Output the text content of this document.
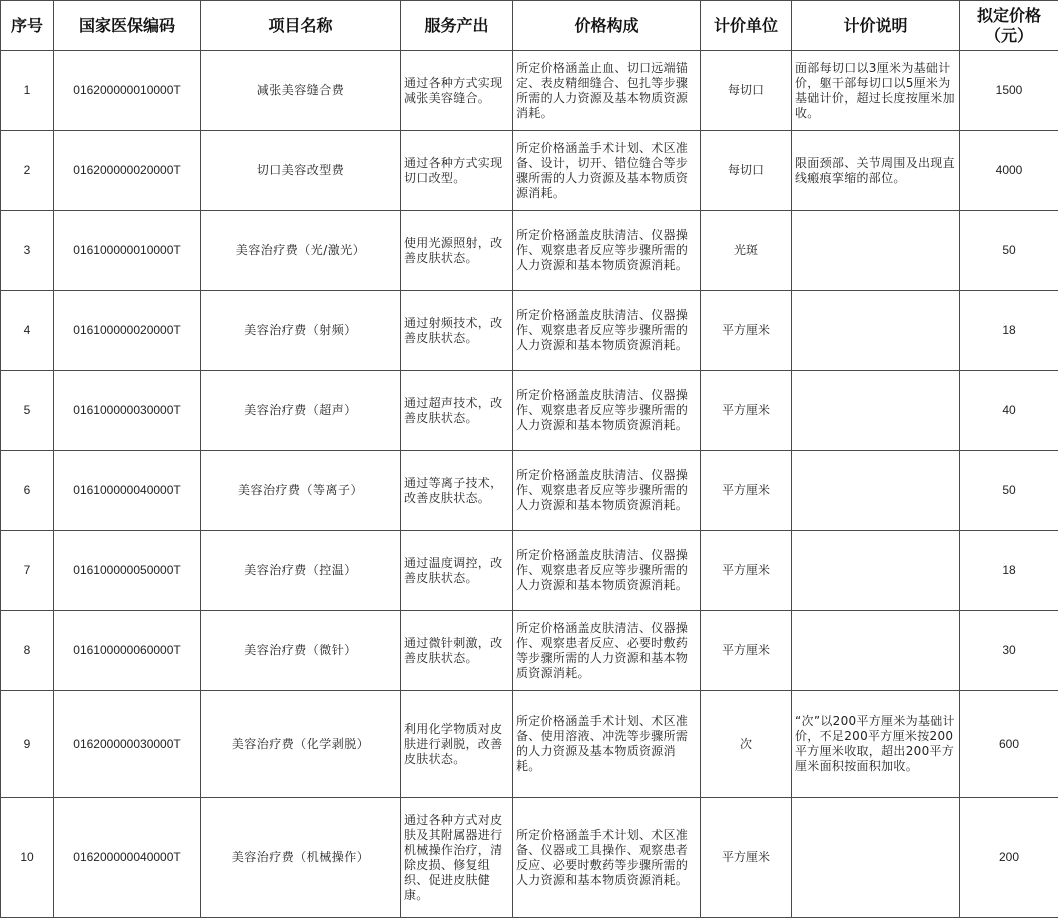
序号	国家医保编码	项目名称	服务产出	价格构成	计价单位	计价说明	拟定价格（元）
1	016200000010000T	减张美容缝合费	通过各种方式实现减张美容缝合。	所定价格涵盖止血、切口远端锚定、表皮精细缝合、包扎等步骤所需的人力资源及基本物质资源消耗。	每切口	面部每切口以3厘米为基础计价，躯干部每切口以5厘米为基础计价，超过长度按厘米加收。	1500
2	016200000020000T	切口美容改型费	通过各种方式实现切口改型。	所定价格涵盖手术计划、术区准备、设计，切开、错位缝合等步骤所需的人力资源及基本物质资源消耗。	每切口	限面颈部、关节周围及出现直线瘢痕挛缩的部位。	4000
3	016100000010000T	美容治疗费（光/激光）	使用光源照射，改善皮肤状态。	所定价格涵盖皮肤清洁、仪器操作、观察患者反应等步骤所需的人力资源和基本物质资源消耗。	光斑		50
4	016100000020000T	美容治疗费（射频）	通过射频技术，改善皮肤状态。	所定价格涵盖皮肤清洁、仪器操作、观察患者反应等步骤所需的人力资源和基本物质资源消耗。	平方厘米		18
5	016100000030000T	美容治疗费（超声）	通过超声技术，改善皮肤状态。	所定价格涵盖皮肤清洁、仪器操作、观察患者反应等步骤所需的人力资源和基本物质资源消耗。	平方厘米		40
6	016100000040000T	美容治疗费（等离子）	通过等离子技术，改善皮肤状态。	所定价格涵盖皮肤清洁、仪器操作、观察患者反应等步骤所需的人力资源和基本物质资源消耗。	平方厘米		50
7	016100000050000T	美容治疗费（控温）	通过温度调控，改善皮肤状态。	所定价格涵盖皮肤清洁、仪器操作、观察患者反应等步骤所需的人力资源和基本物质资源消耗。	平方厘米		18
8	016100000060000T	美容治疗费（微针）	通过微针刺激，改善皮肤状态。	所定价格涵盖皮肤清洁、仪器操作、观察患者反应、必要时敷药等步骤所需的人力资源和基本物质资源消耗。	平方厘米		30
9	016200000030000T	美容治疗费（化学剥脱）	利用化学物质对皮肤进行剥脱，改善皮肤状态。	所定价格涵盖手术计划、术区准备、使用溶液、冲洗等步骤所需的人力资源及基本物质资源消耗。	次	“次”以200平方厘米为基础计价，不足200平方厘米按200平方厘米收取，超出200平方厘米面积按面积加收。	600
10	016200000040000T	美容治疗费（机械操作）	通过各种方式对皮肤及其附属器进行机械操作治疗，清除皮损、修复组织、促进皮肤健康。	所定价格涵盖手术计划、术区准备、仪器或工具操作、观察患者反应、必要时敷药等步骤所需的人力资源和基本物质资源消耗。	平方厘米		200
